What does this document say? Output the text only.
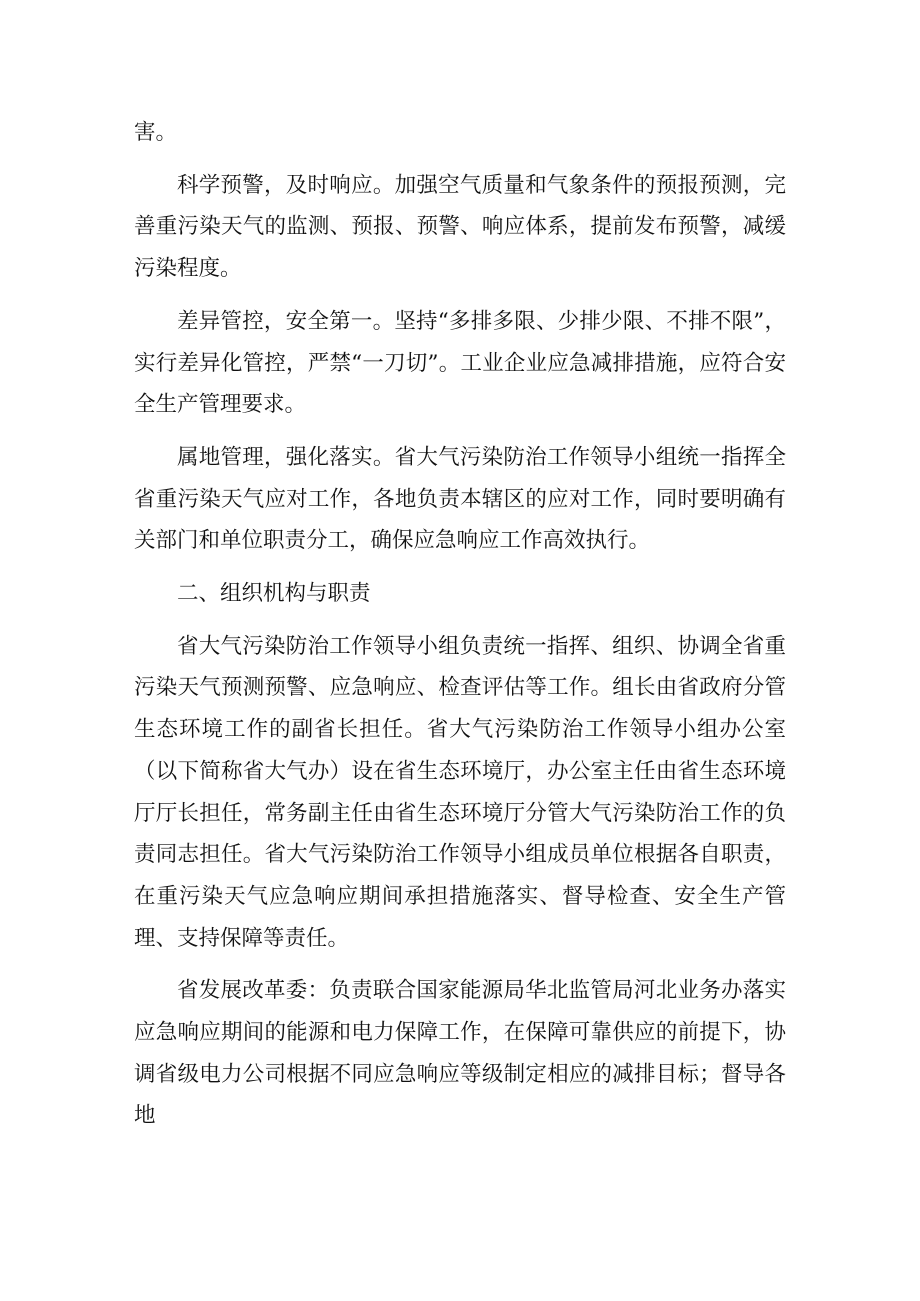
害。

科学预警，及时响应。加强空气质量和气象条件的预报预测，完善重污染天气的监测、预报、预警、响应体系，提前发布预警，减缓污染程度。

差异管控，安全第一。坚持“多排多限、少排少限、不排不限”，实行差异化管控，严禁“一刀切”。工业企业应急减排措施，应符合安全生产管理要求。

属地管理，强化落实。省大气污染防治工作领导小组统一指挥全省重污染天气应对工作，各地负责本辖区的应对工作，同时要明确有关部门和单位职责分工，确保应急响应工作高效执行。

二、组织机构与职责

省大气污染防治工作领导小组负责统一指挥、组织、协调全省重污染天气预测预警、应急响应、检查评估等工作。组长由省政府分管生态环境工作的副省长担任。省大气污染防治工作领导小组办公室（以下简称省大气办）设在省生态环境厅，办公室主任由省生态环境厅厅长担任，常务副主任由省生态环境厅分管大气污染防治工作的负责同志担任。省大气污染防治工作领导小组成员单位根据各自职责，在重污染天气应急响应期间承担措施落实、督导检查、安全生产管理、支持保障等责任。

省发展改革委：负责联合国家能源局华北监管局河北业务办落实应急响应期间的能源和电力保障工作，在保障可靠供应的前提下，协调省级电力公司根据不同应急响应等级制定相应的减排目标；督导各地
